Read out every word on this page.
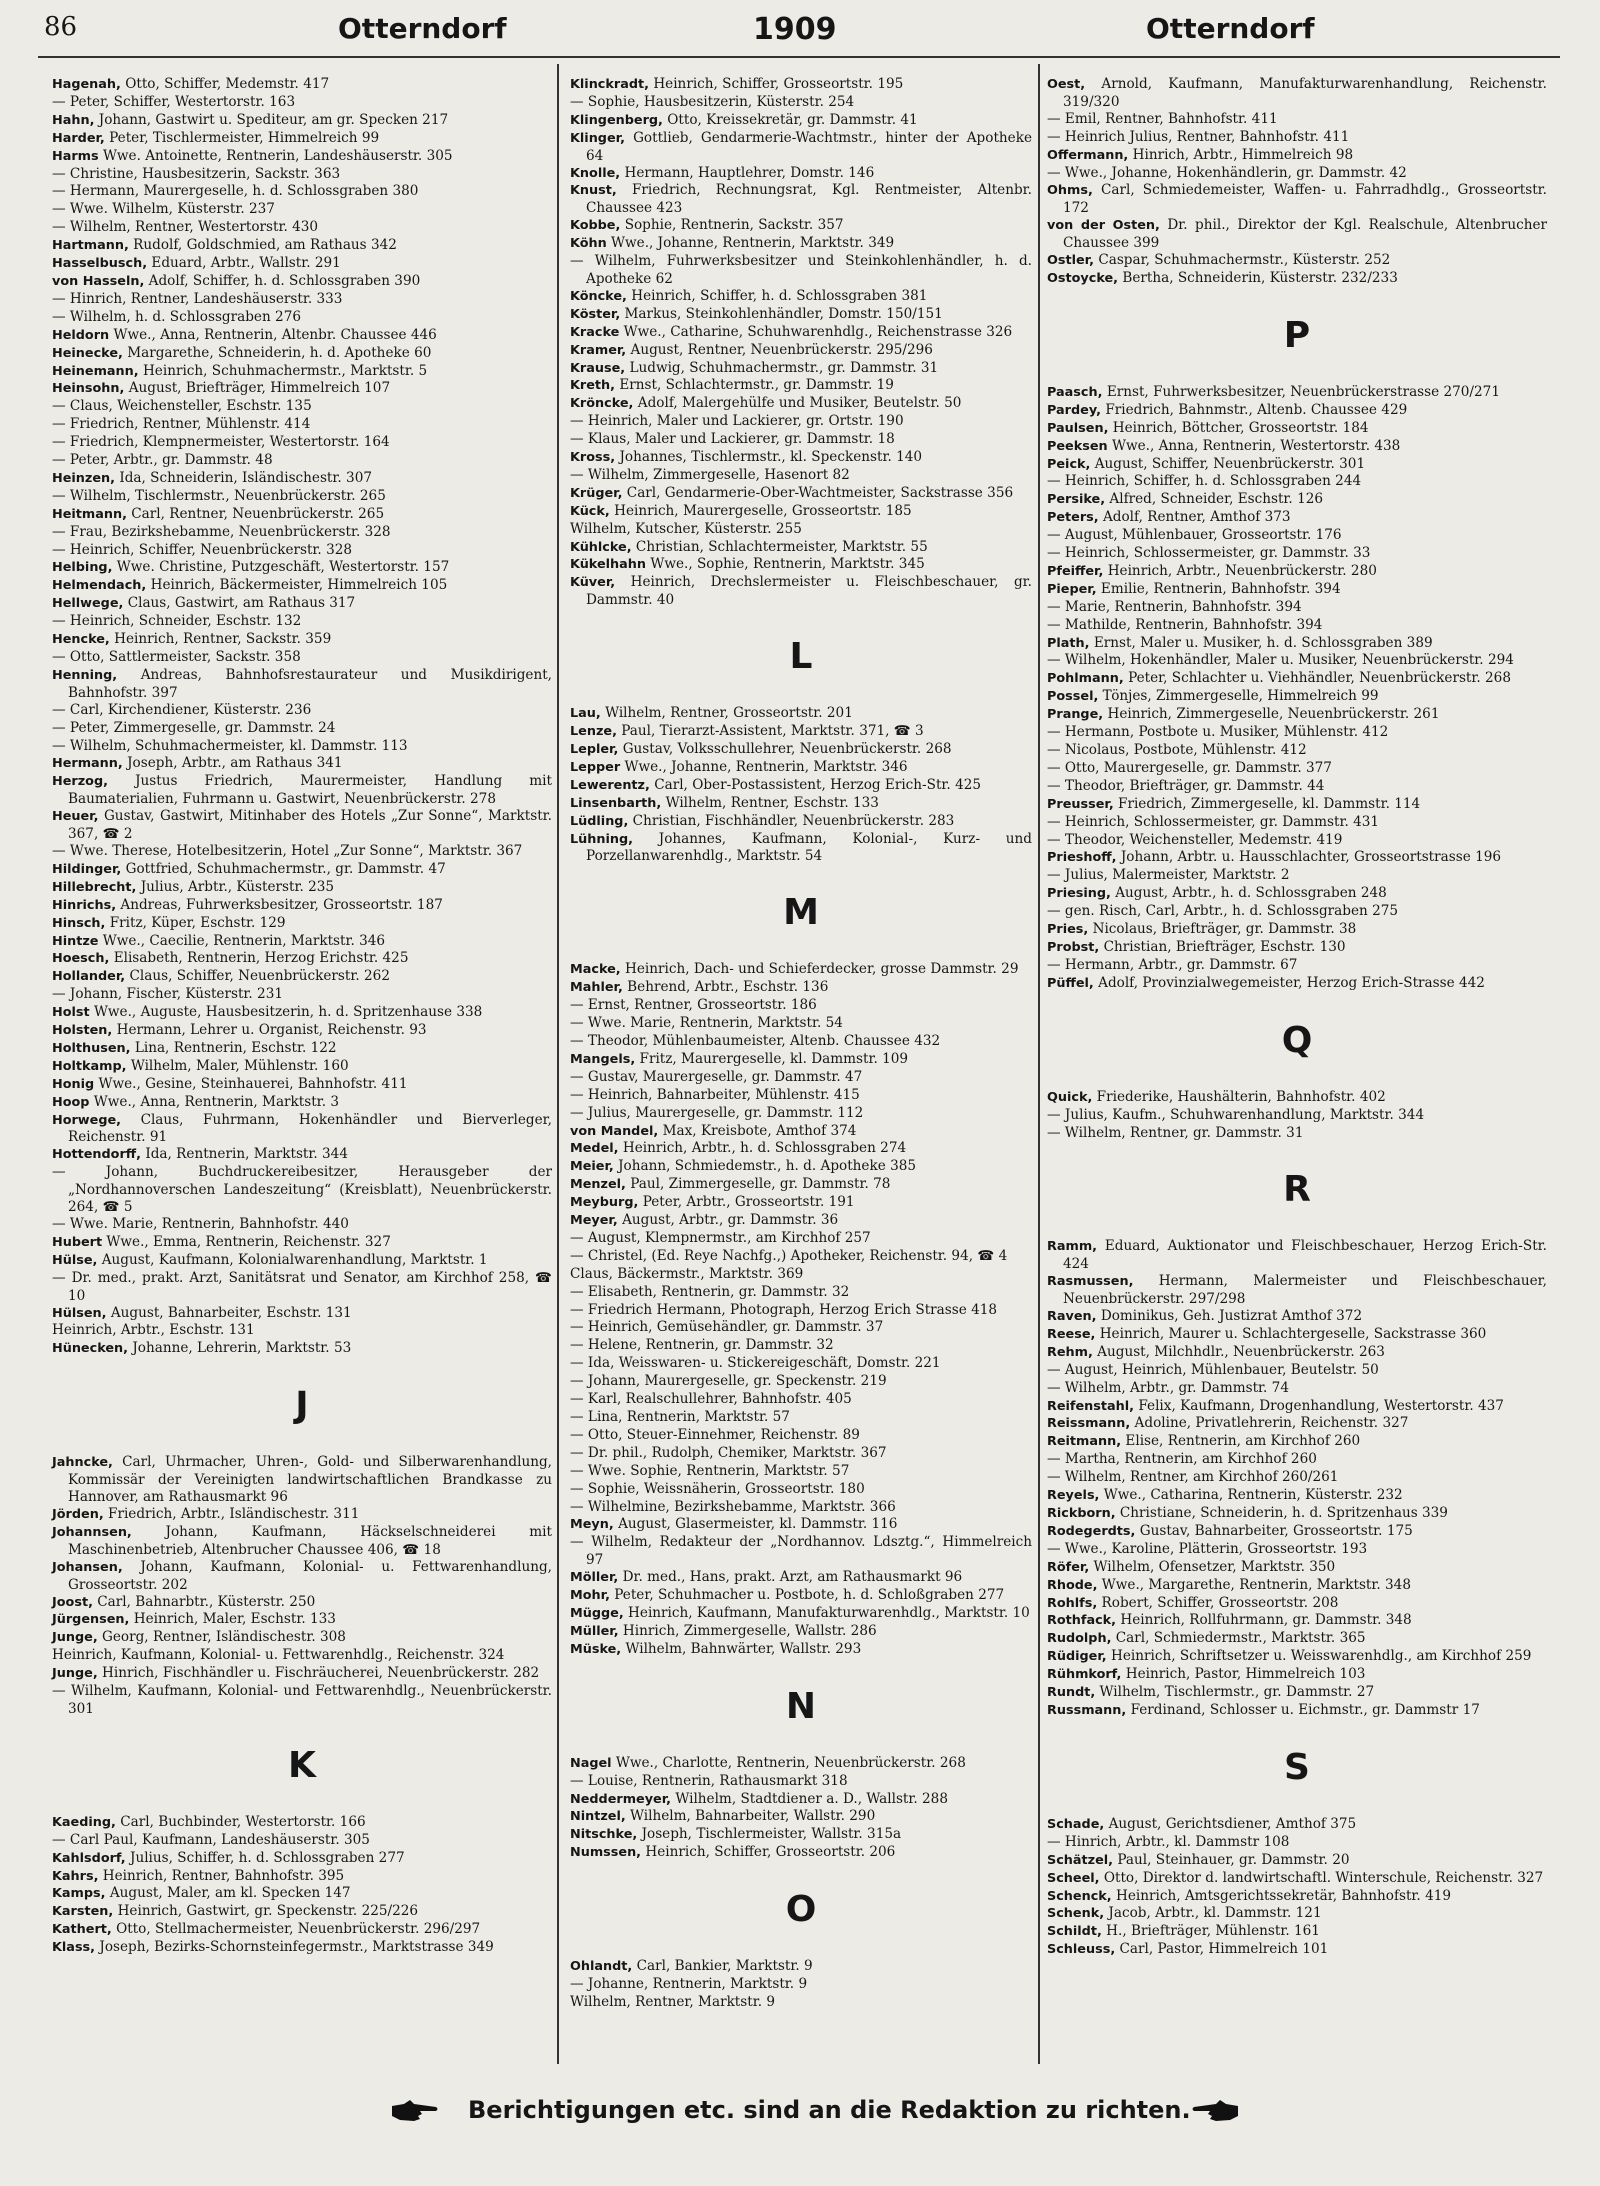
86	Otterndorf	1909	Otterndorf

Hagenah, Otto, Schiffer, Medemstr. 417

— Peter, Schiffer, Westertorstr. 163

Hahn, Johann, Gastwirt u. Spediteur, am gr. Specken 217

Harder, Peter, Tischlermeister, Himmelreich 99

Harms Wwe. Antoinette, Rentnerin, Landeshäuserstr. 305

— Christine, Hausbesitzerin, Sackstr. 363

— Hermann, Maurergeselle, h. d. Schlossgraben 380

— Wwe. Wilhelm, Küsterstr. 237

— Wilhelm, Rentner, Westertorstr. 430

Hartmann, Rudolf, Goldschmied, am Rathaus 342

Hasselbusch, Eduard, Arbtr., Wallstr. 291

von Hasseln, Adolf, Schiffer, h. d. Schlossgraben 390

— Hinrich, Rentner, Landeshäuserstr. 333

— Wilhelm, h. d. Schlossgraben 276

Heldorn Wwe., Anna, Rentnerin, Altenbr. Chaussee 446

Heinecke, Margarethe, Schneiderin, h. d. Apotheke 60

Heinemann, Heinrich, Schuhmachermstr., Marktstr. 5

Heinsohn, August, Briefträger, Himmelreich 107

— Claus, Weichensteller, Eschstr. 135

— Friedrich, Rentner, Mühlenstr. 414

— Friedrich, Klempnermeister, Westertorstr. 164

— Peter, Arbtr., gr. Dammstr. 48

Heinzen, Ida, Schneiderin, Isländischestr. 307

— Wilhelm, Tischlermstr., Neuenbrückerstr. 265

Heitmann, Carl, Rentner, Neuenbrückerstr. 265

— Frau, Bezirkshebamme, Neuenbrückerstr. 328

— Heinrich, Schiffer, Neuenbrückerstr. 328

Helbing, Wwe. Christine, Putzgeschäft, Westertorstr. 157

Helmendach, Heinrich, Bäckermeister, Himmelreich 105

Hellwege, Claus, Gastwirt, am Rathaus 317

— Heinrich, Schneider, Eschstr. 132

Hencke, Heinrich, Rentner, Sackstr. 359

— Otto, Sattlermeister, Sackstr. 358

Henning, Andreas, Bahnhofsrestaurateur und Musikdirigent, Bahnhofstr. 397

— Carl, Kirchendiener, Küsterstr. 236

— Peter, Zimmergeselle, gr. Dammstr. 24

— Wilhelm, Schuhmachermeister, kl. Dammstr. 113

Hermann, Joseph, Arbtr., am Rathaus 341

Herzog, Justus Friedrich, Maurermeister, Handlung mit Baumaterialien, Fuhrmann u. Gastwirt, Neuenbrückerstr. 278

Heuer, Gustav, Gastwirt, Mitinhaber des Hotels „Zur Sonne“, Marktstr. 367, ☎ 2

— Wwe. Therese, Hotelbesitzerin, Hotel „Zur Sonne“, Marktstr. 367

Hildinger, Gottfried, Schuhmachermstr., gr. Dammstr. 47

Hillebrecht, Julius, Arbtr., Küsterstr. 235

Hinrichs, Andreas, Fuhrwerksbesitzer, Grosseortstr. 187

Hinsch, Fritz, Küper, Eschstr. 129

Hintze Wwe., Caecilie, Rentnerin, Marktstr. 346

Hoesch, Elisabeth, Rentnerin, Herzog Erichstr. 425

Hollander, Claus, Schiffer, Neuenbrückerstr. 262

— Johann, Fischer, Küsterstr. 231

Holst Wwe., Auguste, Hausbesitzerin, h. d. Spritzenhause 338

Holsten, Hermann, Lehrer u. Organist, Reichenstr. 93

Holthusen, Lina, Rentnerin, Eschstr. 122

Holtkamp, Wilhelm, Maler, Mühlenstr. 160

Honig Wwe., Gesine, Steinhauerei, Bahnhofstr. 411

Hoop Wwe., Anna, Rentnerin, Marktstr. 3

Horwege, Claus, Fuhrmann, Hokenhändler und Bierverleger, Reichenstr. 91

Hottendorff, Ida, Rentnerin, Marktstr. 344

— Johann, Buchdruckereibesitzer, Herausgeber der „Nordhannoverschen Landeszeitung“ (Kreisblatt), Neuenbrückerstr. 264, ☎ 5

— Wwe. Marie, Rentnerin, Bahnhofstr. 440

Hubert Wwe., Emma, Rentnerin, Reichenstr. 327

Hülse, August, Kaufmann, Kolonialwarenhandlung, Marktstr. 1

— Dr. med., prakt. Arzt, Sanitätsrat und Senator, am Kirchhof 258, ☎ 10

Hülsen, August, Bahnarbeiter, Eschstr. 131

Heinrich, Arbtr., Eschstr. 131

Hünecken, Johanne, Lehrerin, Marktstr. 53

J

Jahncke, Carl, Uhrmacher, Uhren-, Gold- und Silberwarenhandlung, Kommissär der Vereinigten landwirtschaftlichen Brandkasse zu Hannover, am Rathausmarkt 96

Jörden, Friedrich, Arbtr., Isländischestr. 311

Johannsen, Johann, Kaufmann, Häckselschneiderei mit Maschinenbetrieb, Altenbrucher Chaussee 406, ☎ 18

Johansen, Johann, Kaufmann, Kolonial- u. Fettwarenhandlung, Grosseortstr. 202

Joost, Carl, Bahnarbtr., Küsterstr. 250

Jürgensen, Heinrich, Maler, Eschstr. 133

Junge, Georg, Rentner, Isländischestr. 308

Heinrich, Kaufmann, Kolonial- u. Fettwarenhdlg., Reichenstr. 324

Junge, Hinrich, Fischhändler u. Fischräucherei, Neuenbrückerstr. 282

— Wilhelm, Kaufmann, Kolonial- und Fettwarenhdlg., Neuenbrückerstr. 301

K

Kaeding, Carl, Buchbinder, Westertorstr. 166

— Carl Paul, Kaufmann, Landeshäuserstr. 305

Kahlsdorf, Julius, Schiffer, h. d. Schlossgraben 277

Kahrs, Heinrich, Rentner, Bahnhofstr. 395

Kamps, August, Maler, am kl. Specken 147

Karsten, Heinrich, Gastwirt, gr. Speckenstr. 225/226

Kathert, Otto, Stellmachermeister, Neuenbrückerstr. 296/297

Klass, Joseph, Bezirks-Schornsteinfegermstr., Marktstrasse 349

Klinckradt, Heinrich, Schiffer, Grosseortstr. 195

— Sophie, Hausbesitzerin, Küsterstr. 254

Klingenberg, Otto, Kreissekretär, gr. Dammstr. 41

Klinger, Gottlieb, Gendarmerie-Wachtmstr., hinter der Apotheke 64

Knolle, Hermann, Hauptlehrer, Domstr. 146

Knust, Friedrich, Rechnungsrat, Kgl. Rentmeister, Altenbr. Chaussee 423

Kobbe, Sophie, Rentnerin, Sackstr. 357

Köhn Wwe., Johanne, Rentnerin, Marktstr. 349

— Wilhelm, Fuhrwerksbesitzer und Steinkohlenhändler, h. d. Apotheke 62

Köncke, Heinrich, Schiffer, h. d. Schlossgraben 381

Köster, Markus, Steinkohlenhändler, Domstr. 150/151

Kracke Wwe., Catharine, Schuhwarenhdlg., Reichenstrasse 326

Kramer, August, Rentner, Neuenbrückerstr. 295/296

Krause, Ludwig, Schuhmachermstr., gr. Dammstr. 31

Kreth, Ernst, Schlachtermstr., gr. Dammstr. 19

Kröncke, Adolf, Malergehülfe und Musiker, Beutelstr. 50

— Heinrich, Maler und Lackierer, gr. Ortstr. 190

— Klaus, Maler und Lackierer, gr. Dammstr. 18

Kross, Johannes, Tischlermstr., kl. Speckenstr. 140

— Wilhelm, Zimmergeselle, Hasenort 82

Krüger, Carl, Gendarmerie-Ober-Wachtmeister, Sackstrasse 356

Kück, Heinrich, Maurergeselle, Grosseortstr. 185

Wilhelm, Kutscher, Küsterstr. 255

Kühlcke, Christian, Schlachtermeister, Marktstr. 55

Kükelhahn Wwe., Sophie, Rentnerin, Marktstr. 345

Küver, Heinrich, Drechslermeister u. Fleischbeschauer, gr. Dammstr. 40

L

Lau, Wilhelm, Rentner, Grosseortstr. 201

Lenze, Paul, Tierarzt-Assistent, Marktstr. 371, ☎ 3

Lepler, Gustav, Volksschullehrer, Neuenbrückerstr. 268

Lepper Wwe., Johanne, Rentnerin, Marktstr. 346

Lewerentz, Carl, Ober-Postassistent, Herzog Erich-Str. 425

Linsenbarth, Wilhelm, Rentner, Eschstr. 133

Lüdling, Christian, Fischhändler, Neuenbrückerstr. 283

Lühning, Johannes, Kaufmann, Kolonial-, Kurz- und Porzellanwarenhdlg., Marktstr. 54

M

Macke, Heinrich, Dach- und Schieferdecker, grosse Dammstr. 29

Mahler, Behrend, Arbtr., Eschstr. 136

— Ernst, Rentner, Grosseortstr. 186

— Wwe. Marie, Rentnerin, Marktstr. 54

— Theodor, Mühlenbaumeister, Altenb. Chaussee 432

Mangels, Fritz, Maurergeselle, kl. Dammstr. 109

— Gustav, Maurergeselle, gr. Dammstr. 47

— Heinrich, Bahnarbeiter, Mühlenstr. 415

— Julius, Maurergeselle, gr. Dammstr. 112

von Mandel, Max, Kreisbote, Amthof 374

Medel, Heinrich, Arbtr., h. d. Schlossgraben 274

Meier, Johann, Schmiedemstr., h. d. Apotheke 385

Menzel, Paul, Zimmergeselle, gr. Dammstr. 78

Meyburg, Peter, Arbtr., Grosseortstr. 191

Meyer, August, Arbtr., gr. Dammstr. 36

— August, Klempnermstr., am Kirchhof 257

— Christel, (Ed. Reye Nachfg.,) Apotheker, Reichenstr. 94, ☎ 4

Claus, Bäckermstr., Marktstr. 369

— Elisabeth, Rentnerin, gr. Dammstr. 32

— Friedrich Hermann, Photograph, Herzog Erich Strasse 418

— Heinrich, Gemüsehändler, gr. Dammstr. 37

— Helene, Rentnerin, gr. Dammstr. 32

— Ida, Weisswaren- u. Stickereigeschäft, Domstr. 221

— Johann, Maurergeselle, gr. Speckenstr. 219

— Karl, Realschullehrer, Bahnhofstr. 405

— Lina, Rentnerin, Marktstr. 57

— Otto, Steuer-Einnehmer, Reichenstr. 89

— Dr. phil., Rudolph, Chemiker, Marktstr. 367

— Wwe. Sophie, Rentnerin, Marktstr. 57

— Sophie, Weissnäherin, Grosseortstr. 180

— Wilhelmine, Bezirkshebamme, Marktstr. 366

Meyn, August, Glasermeister, kl. Dammstr. 116

— Wilhelm, Redakteur der „Nordhannov. Ldsztg.“, Himmelreich 97

Möller, Dr. med., Hans, prakt. Arzt, am Rathausmarkt 96

Mohr, Peter, Schuhmacher u. Postbote, h. d. Schloßgraben 277

Mügge, Heinrich, Kaufmann, Manufakturwarenhdlg., Marktstr. 10

Müller, Hinrich, Zimmergeselle, Wallstr. 286

Müske, Wilhelm, Bahnwärter, Wallstr. 293

N

Nagel Wwe., Charlotte, Rentnerin, Neuenbrückerstr. 268

— Louise, Rentnerin, Rathausmarkt 318

Neddermeyer, Wilhelm, Stadtdiener a. D., Wallstr. 288

Nintzel, Wilhelm, Bahnarbeiter, Wallstr. 290

Nitschke, Joseph, Tischlermeister, Wallstr. 315a

Numssen, Heinrich, Schiffer, Grosseortstr. 206

O

Ohlandt, Carl, Bankier, Marktstr. 9

— Johanne, Rentnerin, Marktstr. 9

Wilhelm, Rentner, Marktstr. 9

Oest, Arnold, Kaufmann, Manufakturwarenhandlung, Reichenstr. 319/320

— Emil, Rentner, Bahnhofstr. 411

— Heinrich Julius, Rentner, Bahnhofstr. 411

Offermann, Hinrich, Arbtr., Himmelreich 98

— Wwe., Johanne, Hokenhändlerin, gr. Dammstr. 42

Ohms, Carl, Schmiedemeister, Waffen- u. Fahrradhdlg., Grosseortstr. 172

von der Osten, Dr. phil., Direktor der Kgl. Realschule, Altenbrucher Chaussee 399

Ostler, Caspar, Schuhmachermstr., Küsterstr. 252

Ostoycke, Bertha, Schneiderin, Küsterstr. 232/233

P

Paasch, Ernst, Fuhrwerksbesitzer, Neuenbrückerstrasse 270/271

Pardey, Friedrich, Bahnmstr., Altenb. Chaussee 429

Paulsen, Heinrich, Böttcher, Grosseortstr. 184

Peeksen Wwe., Anna, Rentnerin, Westertorstr. 438

Peick, August, Schiffer, Neuenbrückerstr. 301

— Heinrich, Schiffer, h. d. Schlossgraben 244

Persike, Alfred, Schneider, Eschstr. 126

Peters, Adolf, Rentner, Amthof 373

— August, Mühlenbauer, Grosseortstr. 176

— Heinrich, Schlossermeister, gr. Dammstr. 33

Pfeiffer, Heinrich, Arbtr., Neuenbrückerstr. 280

Pieper, Emilie, Rentnerin, Bahnhofstr. 394

— Marie, Rentnerin, Bahnhofstr. 394

— Mathilde, Rentnerin, Bahnhofstr. 394

Plath, Ernst, Maler u. Musiker, h. d. Schlossgraben 389

— Wilhelm, Hokenhändler, Maler u. Musiker, Neuenbrückerstr. 294

Pohlmann, Peter, Schlachter u. Viehhändler, Neuenbrückerstr. 268

Possel, Tönjes, Zimmergeselle, Himmelreich 99

Prange, Heinrich, Zimmergeselle, Neuenbrückerstr. 261

— Hermann, Postbote u. Musiker, Mühlenstr. 412

— Nicolaus, Postbote, Mühlenstr. 412

— Otto, Maurergeselle, gr. Dammstr. 377

— Theodor, Briefträger, gr. Dammstr. 44

Preusser, Friedrich, Zimmergeselle, kl. Dammstr. 114

— Heinrich, Schlossermeister, gr. Dammstr. 431

— Theodor, Weichensteller, Medemstr. 419

Prieshoff, Johann, Arbtr. u. Hausschlachter, Grosseortstrasse 196

— Julius, Malermeister, Marktstr. 2

Priesing, August, Arbtr., h. d. Schlossgraben 248

— gen. Risch, Carl, Arbtr., h. d. Schlossgraben 275

Pries, Nicolaus, Briefträger, gr. Dammstr. 38

Probst, Christian, Briefträger, Eschstr. 130

— Hermann, Arbtr., gr. Dammstr. 67

Püffel, Adolf, Provinzialwegemeister, Herzog Erich-Strasse 442

Q

Quick, Friederike, Haushälterin, Bahnhofstr. 402

— Julius, Kaufm., Schuhwarenhandlung, Marktstr. 344

— Wilhelm, Rentner, gr. Dammstr. 31

R

Ramm, Eduard, Auktionator und Fleischbeschauer, Herzog Erich-Str. 424

Rasmussen, Hermann, Malermeister und Fleischbeschauer, Neuenbrückerstr. 297/298

Raven, Dominikus, Geh. Justizrat Amthof 372

Reese, Heinrich, Maurer u. Schlachtergeselle, Sackstrasse 360

Rehm, August, Milchhdlr., Neuenbrückerstr. 263

— August, Heinrich, Mühlenbauer, Beutelstr. 50

— Wilhelm, Arbtr., gr. Dammstr. 74

Reifenstahl, Felix, Kaufmann, Drogenhandlung, Westertorstr. 437

Reissmann, Adoline, Privatlehrerin, Reichenstr. 327

Reitmann, Elise, Rentnerin, am Kirchhof 260

— Martha, Rentnerin, am Kirchhof 260

— Wilhelm, Rentner, am Kirchhof 260/261

Reyels, Wwe., Catharina, Rentnerin, Küsterstr. 232

Rickborn, Christiane, Schneiderin, h. d. Spritzenhaus 339

Rodegerdts, Gustav, Bahnarbeiter, Grosseortstr. 175

— Wwe., Karoline, Plätterin, Grosseortstr. 193

Röfer, Wilhelm, Ofensetzer, Marktstr. 350

Rhode, Wwe., Margarethe, Rentnerin, Marktstr. 348

Rohlfs, Robert, Schiffer, Grosseortstr. 208

Rothfack, Heinrich, Rollfuhrmann, gr. Dammstr. 348

Rudolph, Carl, Schmiedermstr., Marktstr. 365

Rüdiger, Heinrich, Schriftsetzer u. Weisswarenhdlg., am Kirchhof 259

Rühmkorf, Heinrich, Pastor, Himmelreich 103

Rundt, Wilhelm, Tischlermstr., gr. Dammstr. 27

Russmann, Ferdinand, Schlosser u. Eichmstr., gr. Dammstr 17

S

Schade, August, Gerichtsdiener, Amthof 375

— Hinrich, Arbtr., kl. Dammstr 108

Schätzel, Paul, Steinhauer, gr. Dammstr. 20

Scheel, Otto, Direktor d. landwirtschaftl. Winterschule, Reichenstr. 327

Schenck, Heinrich, Amtsgerichtssekretär, Bahnhofstr. 419

Schenk, Jacob, Arbtr., kl. Dammstr. 121

Schildt, H., Briefträger, Mühlenstr. 161

Schleuss, Carl, Pastor, Himmelreich 101

Berichtigungen etc. sind an die Redaktion zu richten.
